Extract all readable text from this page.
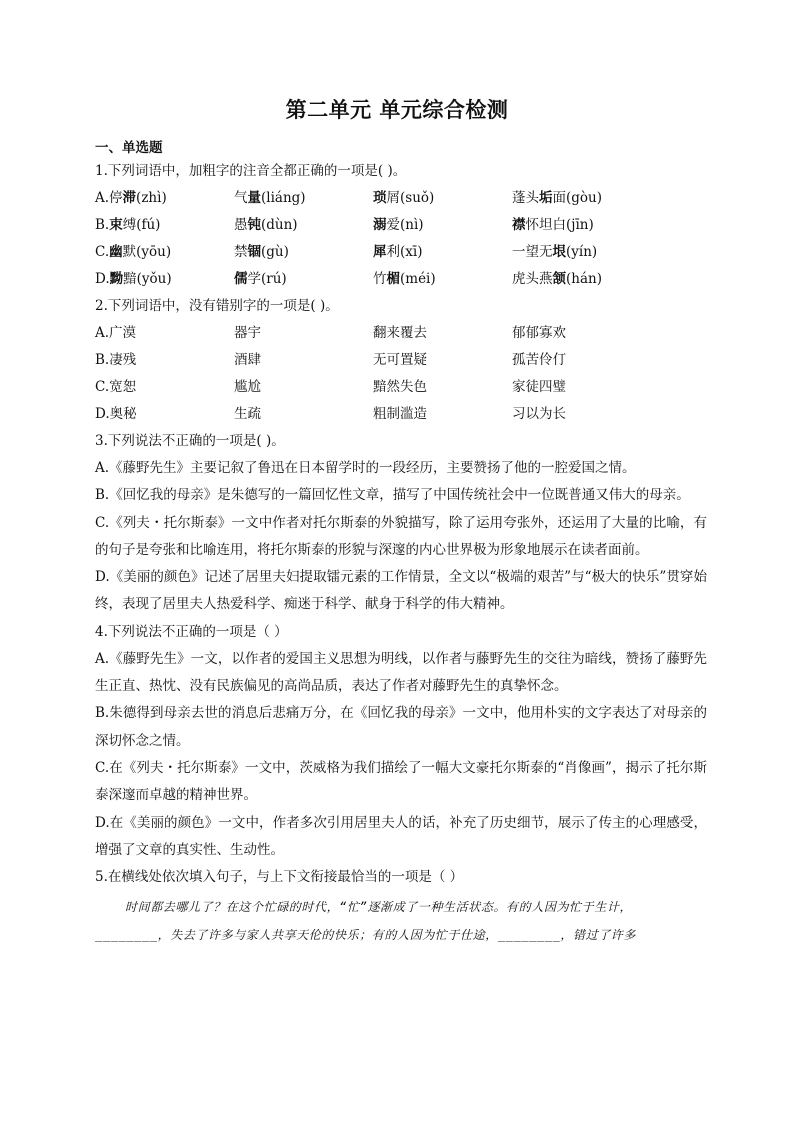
第二单元 单元综合检测

一、单选题

1.下列词语中，加粗字的注音全都正确的一项是( )。

A.停滞(zhì)	气量(liáng)	琐屑(suǒ)	蓬头垢面(gòu)
B.束缚(fú)	愚钝(dùn)	溺爱(nì)	襟怀坦白(jīn)
C.幽默(yōu)	禁锢(gù)	犀利(xī)	一望无垠(yín)
D.黝黯(yǒu)	儒学(rú)	竹楣(méi)	虎头燕颔(hán)

2.下列词语中，没有错别字的一项是( )。

A.广漠	器宇	翻来覆去	郁郁寡欢
B.凄残	酒肆	无可置疑	孤苦伶仃
C.宽恕	尴尬	黯然失色	家徒四璧
D.奥秘	生疏	粗制滥造	习以为长

3.下列说法不正确的一项是( )。

A.《藤野先生》主要记叙了鲁迅在日本留学时的一段经历，主要赞扬了他的一腔爱国之情。

B.《回忆我的母亲》是朱德写的一篇回忆性文章，描写了中国传统社会中一位既普通又伟大的母亲。

C.《列夫・托尔斯泰》一文中作者对托尔斯泰的外貌描写，除了运用夸张外，还运用了大量的比喻，有的句子是夸张和比喻连用，将托尔斯泰的形貌与深邃的内心世界极为形象地展示在读者面前。

D.《美丽的颜色》记述了居里夫妇提取镭元素的工作情景，全文以“极端的艰苦”与“极大的快乐”贯穿始终，表现了居里夫人热爱科学、痴迷于科学、献身于科学的伟大精神。

4.下列说法不正确的一项是（ ）

A.《藤野先生》一文，以作者的爱国主义思想为明线，以作者与藤野先生的交往为暗线，赞扬了藤野先生正直、热忱、没有民族偏见的高尚品质，表达了作者对藤野先生的真挚怀念。

B.朱德得到母亲去世的消息后悲痛万分，在《回忆我的母亲》一文中，他用朴实的文字表达了对母亲的深切怀念之情。

C.在《列夫・托尔斯泰》一文中，茨威格为我们描绘了一幅大文豪托尔斯泰的“肖像画”，揭示了托尔斯泰深邃而卓越的精神世界。

D.在《美丽的颜色》一文中，作者多次引用居里夫人的话，补充了历史细节，展示了传主的心理感受，增强了文章的真实性、生动性。

5.在横线处依次填入句子，与上下文衔接最恰当的一项是（ ）

时间都去哪儿了？在这个忙碌的时代，“忙”逐渐成了一种生活状态。有的人因为忙于生计，________，失去了许多与家人共享天伦的快乐；有的人因为忙于仕途，________，错过了许多
